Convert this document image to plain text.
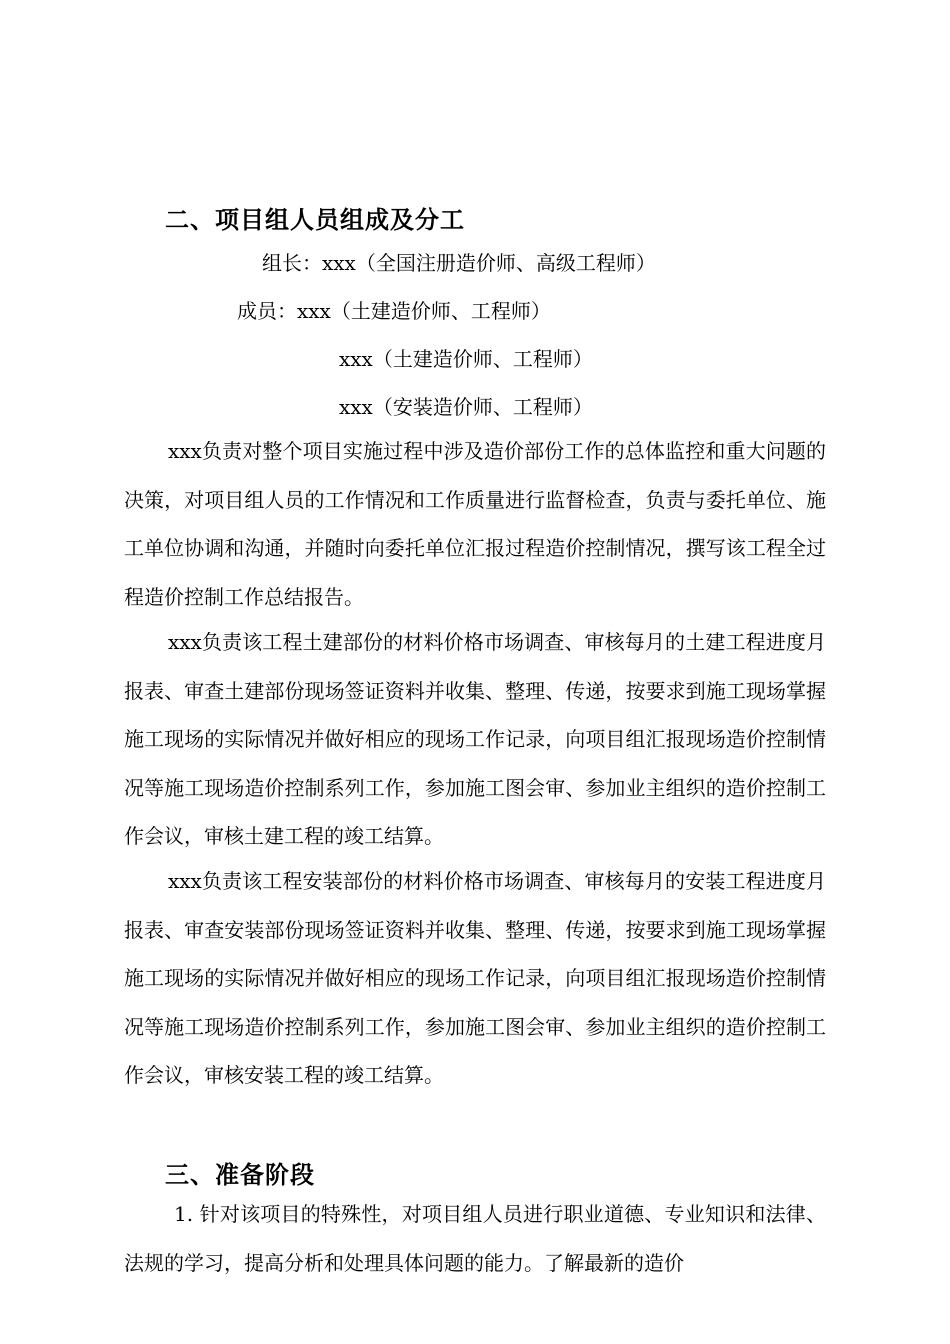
二、项目组人员组成及分工
组长：xxx（全国注册造价师、高级工程师）
成员：xxx（土建造价师、工程师）
xxx（土建造价师、工程师）
xxx（安装造价师、工程师）

xxx负责对整个项目实施过程中涉及造价部份工作的总体监控和重大问题的决策，对项目组人员的工作情况和工作质量进行监督检查，负责与委托单位、施工单位协调和沟通，并随时向委托单位汇报过程造价控制情况，撰写该工程全过程造价控制工作总结报告。

xxx负责该工程土建部份的材料价格市场调查、审核每月的土建工程进度月报表、审查土建部份现场签证资料并收集、整理、传递，按要求到施工现场掌握施工现场的实际情况并做好相应的现场工作记录，向项目组汇报现场造价控制情况等施工现场造价控制系列工作，参加施工图会审、参加业主组织的造价控制工作会议，审核土建工程的竣工结算。

xxx负责该工程安装部份的材料价格市场调查、审核每月的安装工程进度月报表、审查安装部份现场签证资料并收集、整理、传递，按要求到施工现场掌握施工现场的实际情况并做好相应的现场工作记录，向项目组汇报现场造价控制情况等施工现场造价控制系列工作，参加施工图会审、参加业主组织的造价控制工作会议，审核安装工程的竣工结算。

三、准备阶段

1. 针对该项目的特殊性，对项目组人员进行职业道德、专业知识和法律、法规的学习，提高分析和处理具体问题的能力。了解最新的造价
